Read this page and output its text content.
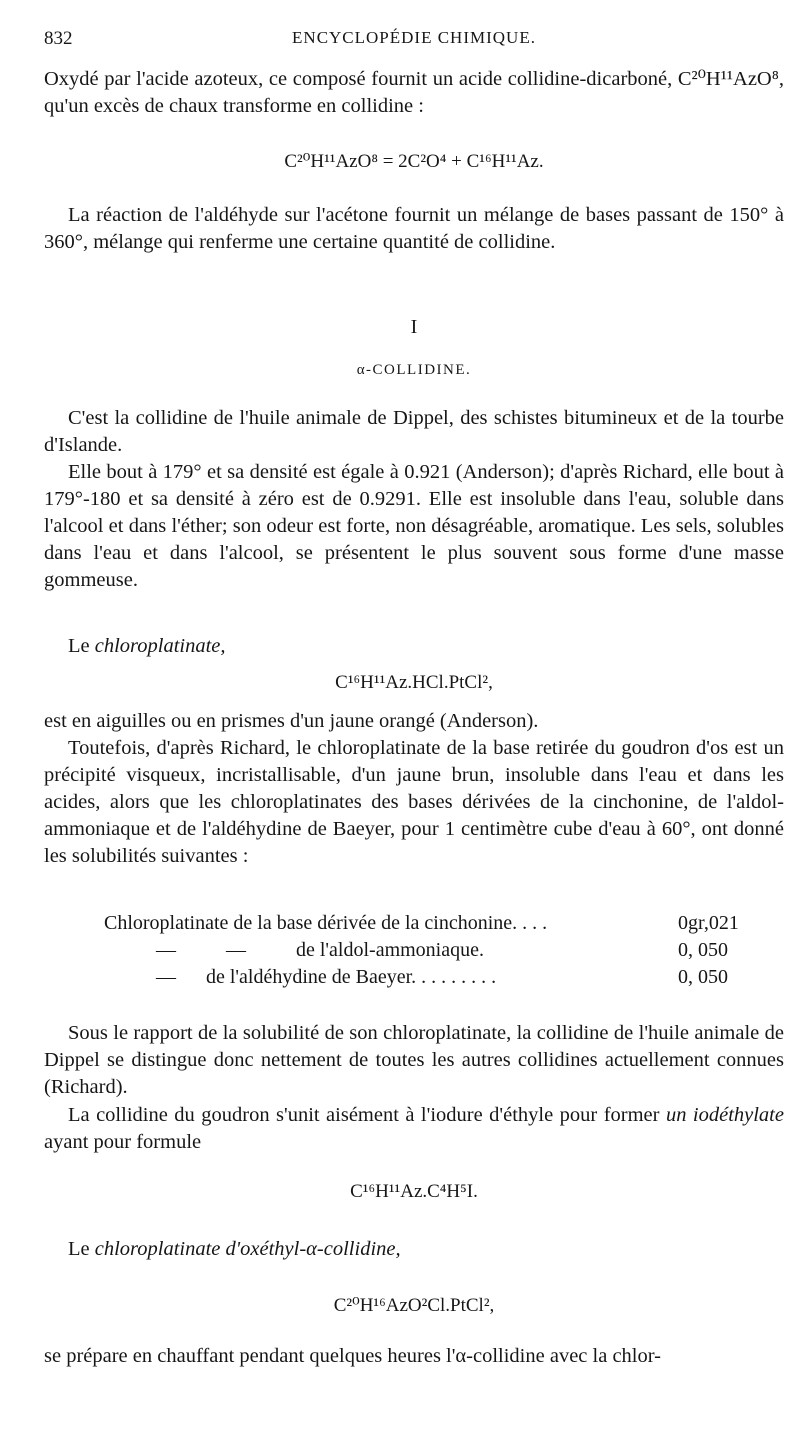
832	ENCYCLOPÉDIE CHIMIQUE.

Oxydé par l'acide azoteux, ce composé fournit un acide collidine-dicarboné, C²⁰H¹¹AzO⁸, qu'un excès de chaux transforme en collidine :

C²⁰H¹¹AzO⁸ = 2C²O⁴ + C¹⁶H¹¹Az.

La réaction de l'aldéhyde sur l'acétone fournit un mélange de bases passant de 150° à 360°, mélange qui renferme une certaine quantité de collidine.

I

α-COLLIDINE.

C'est la collidine de l'huile animale de Dippel, des schistes bitumineux et de la tourbe d'Islande.

Elle bout à 179° et sa densité est égale à 0.921 (Anderson); d'après Richard, elle bout à 179°-180 et sa densité à zéro est de 0.9291. Elle est insoluble dans l'eau, soluble dans l'alcool et dans l'éther; son odeur est forte, non désagréable, aromatique. Les sels, solubles dans l'eau et dans l'alcool, se présentent le plus souvent sous forme d'une masse gommeuse.

Le chloroplatinate,

C¹⁶H¹¹Az.HCl.PtCl²,

est en aiguilles ou en prismes d'un jaune orangé (Anderson).

Toutefois, d'après Richard, le chloroplatinate de la base retirée du goudron d'os est un précipité visqueux, incristallisable, d'un jaune brun, insoluble dans l'eau et dans les acides, alors que les chloroplatinates des bases dérivées de la cinchonine, de l'aldol-ammoniaque et de l'aldéhydine de Baeyer, pour 1 centimètre cube d'eau à 60°, ont donné les solubilités suivantes :

Chloroplatinate de la base dérivée de la cinchonine. . . .	0gr,021
—          —          de l'aldol-ammoniaque.	0, 050
—      de l'aldéhydine de Baeyer. . . . . . . . .	0, 050

Sous le rapport de la solubilité de son chloroplatinate, la collidine de l'huile animale de Dippel se distingue donc nettement de toutes les autres collidines actuellement connues (Richard).

La collidine du goudron s'unit aisément à l'iodure d'éthyle pour former un iodéthylate ayant pour formule

C¹⁶H¹¹Az.C⁴H⁵I.

Le chloroplatinate d'oxéthyl-α-collidine,

C²⁰H¹⁶AzO²Cl.PtCl²,

se prépare en chauffant pendant quelques heures l'α-collidine avec la chlor-
